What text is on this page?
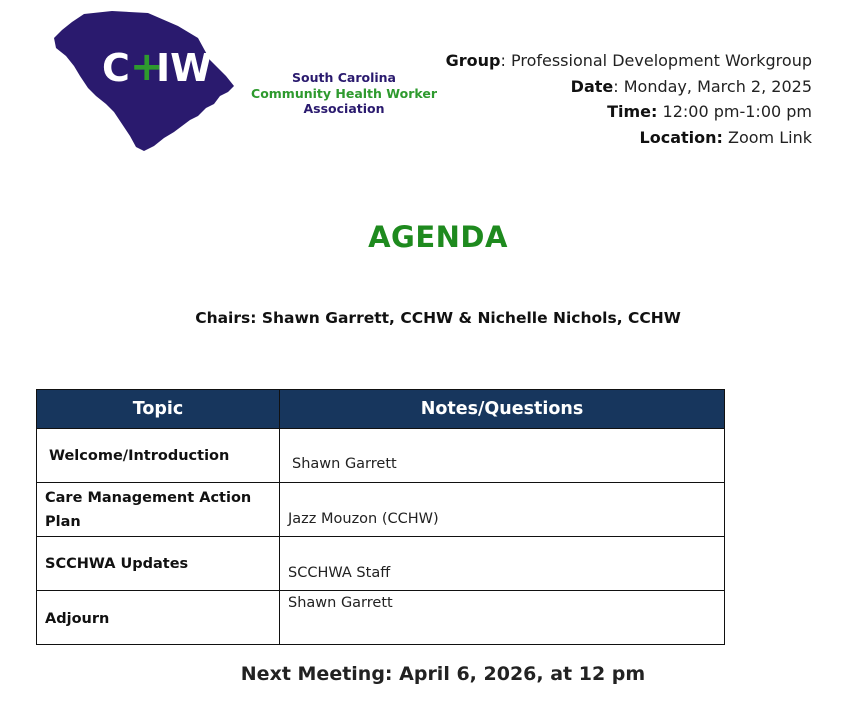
C +
IW	South Carolina
Community Health Worker
Association
Group: Professional Development Workgroup
Date: Monday, March 2, 2025
Time: 12:00 pm-1:00 pm
Location: Zoom Link
AGENDA
Chairs: Shawn Garrett, CCHW & Nichelle Nichols, CCHW
Topic	Notes/Questions

Welcome/Introduction	Shawn Garrett

Care Management Action Plan	Jazz Mouzon (CCHW)

SCCHWA Updates	SCCHWA Staff

Adjourn	Shawn Garrett
Next Meeting: April 6, 2026, at 12 pm
